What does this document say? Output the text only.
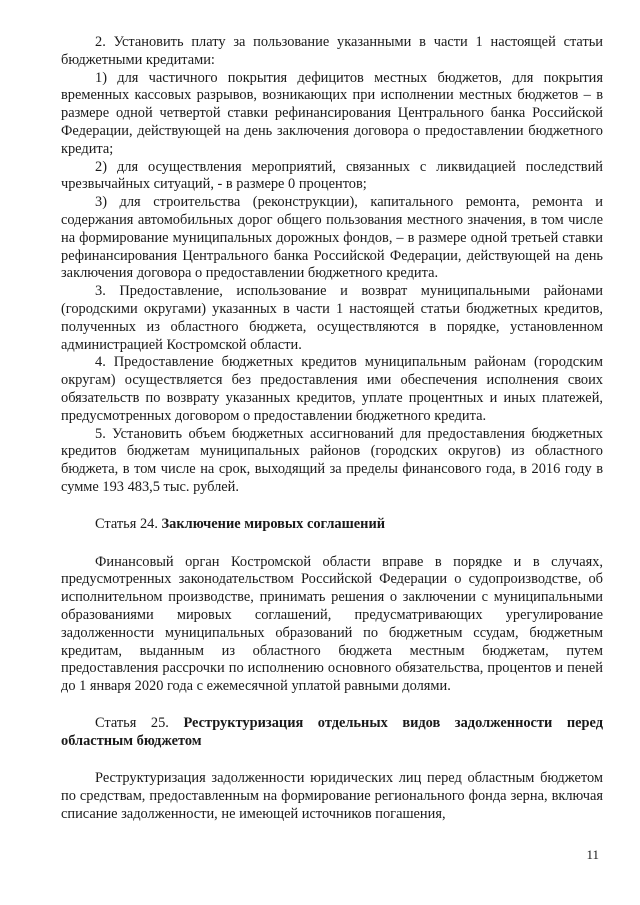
2. Установить плату за пользование указанными в части 1 настоящей статьи бюджетными кредитами:

1) для частичного покрытия дефицитов местных бюджетов, для покрытия временных кассовых разрывов, возникающих при исполнении местных бюджетов – в размере одной четвертой ставки рефинансирования Центрального банка Российской Федерации, действующей на день заключения договора о предоставлении бюджетного кредита;

2) для осуществления мероприятий, связанных с ликвидацией последствий чрезвычайных ситуаций, - в размере 0 процентов;

3) для строительства (реконструкции), капитального ремонта, ремонта и содержания автомобильных дорог общего пользования местного значения, в том числе на формирование муниципальных дорожных фондов, – в размере одной третьей ставки рефинансирования Центрального банка Российской Федерации, действующей на день заключения договора о предоставлении бюджетного кредита.

3. Предоставление, использование и возврат муниципальными районами (городскими округами) указанных в части 1 настоящей статьи бюджетных кредитов, полученных из областного бюджета, осуществляются в порядке, установленном администрацией Костромской области.

4. Предоставление бюджетных кредитов муниципальным районам (городским округам) осуществляется без предоставления ими обеспечения исполнения своих обязательств по возврату указанных кредитов, уплате процентных и иных платежей, предусмотренных договором о предоставлении бюджетного кредита.

5. Установить объем бюджетных ассигнований для предоставления бюджетных кредитов бюджетам муниципальных районов (городских округов) из областного бюджета, в том числе на срок, выходящий за пределы финансового года, в 2016 году в сумме 193 483,5 тыс. рублей.

Статья 24. Заключение мировых соглашений

Финансовый орган Костромской области вправе в порядке и в случаях, предусмотренных законодательством Российской Федерации о судопроизводстве, об исполнительном производстве, принимать решения о заключении с муниципальными образованиями мировых соглашений, предусматривающих урегулирование задолженности муниципальных образований по бюджетным ссудам, бюджетным кредитам, выданным из областного бюджета местным бюджетам, путем предоставления рассрочки по исполнению основного обязательства, процентов и пеней до 1 января 2020 года с ежемесячной уплатой равными долями.

Статья 25. Реструктуризация отдельных видов задолженности перед областным бюджетом

Реструктуризация задолженности юридических лиц перед областным бюджетом по средствам, предоставленным на формирование регионального фонда зерна, включая списание задолженности, не имеющей источников погашения,

11
